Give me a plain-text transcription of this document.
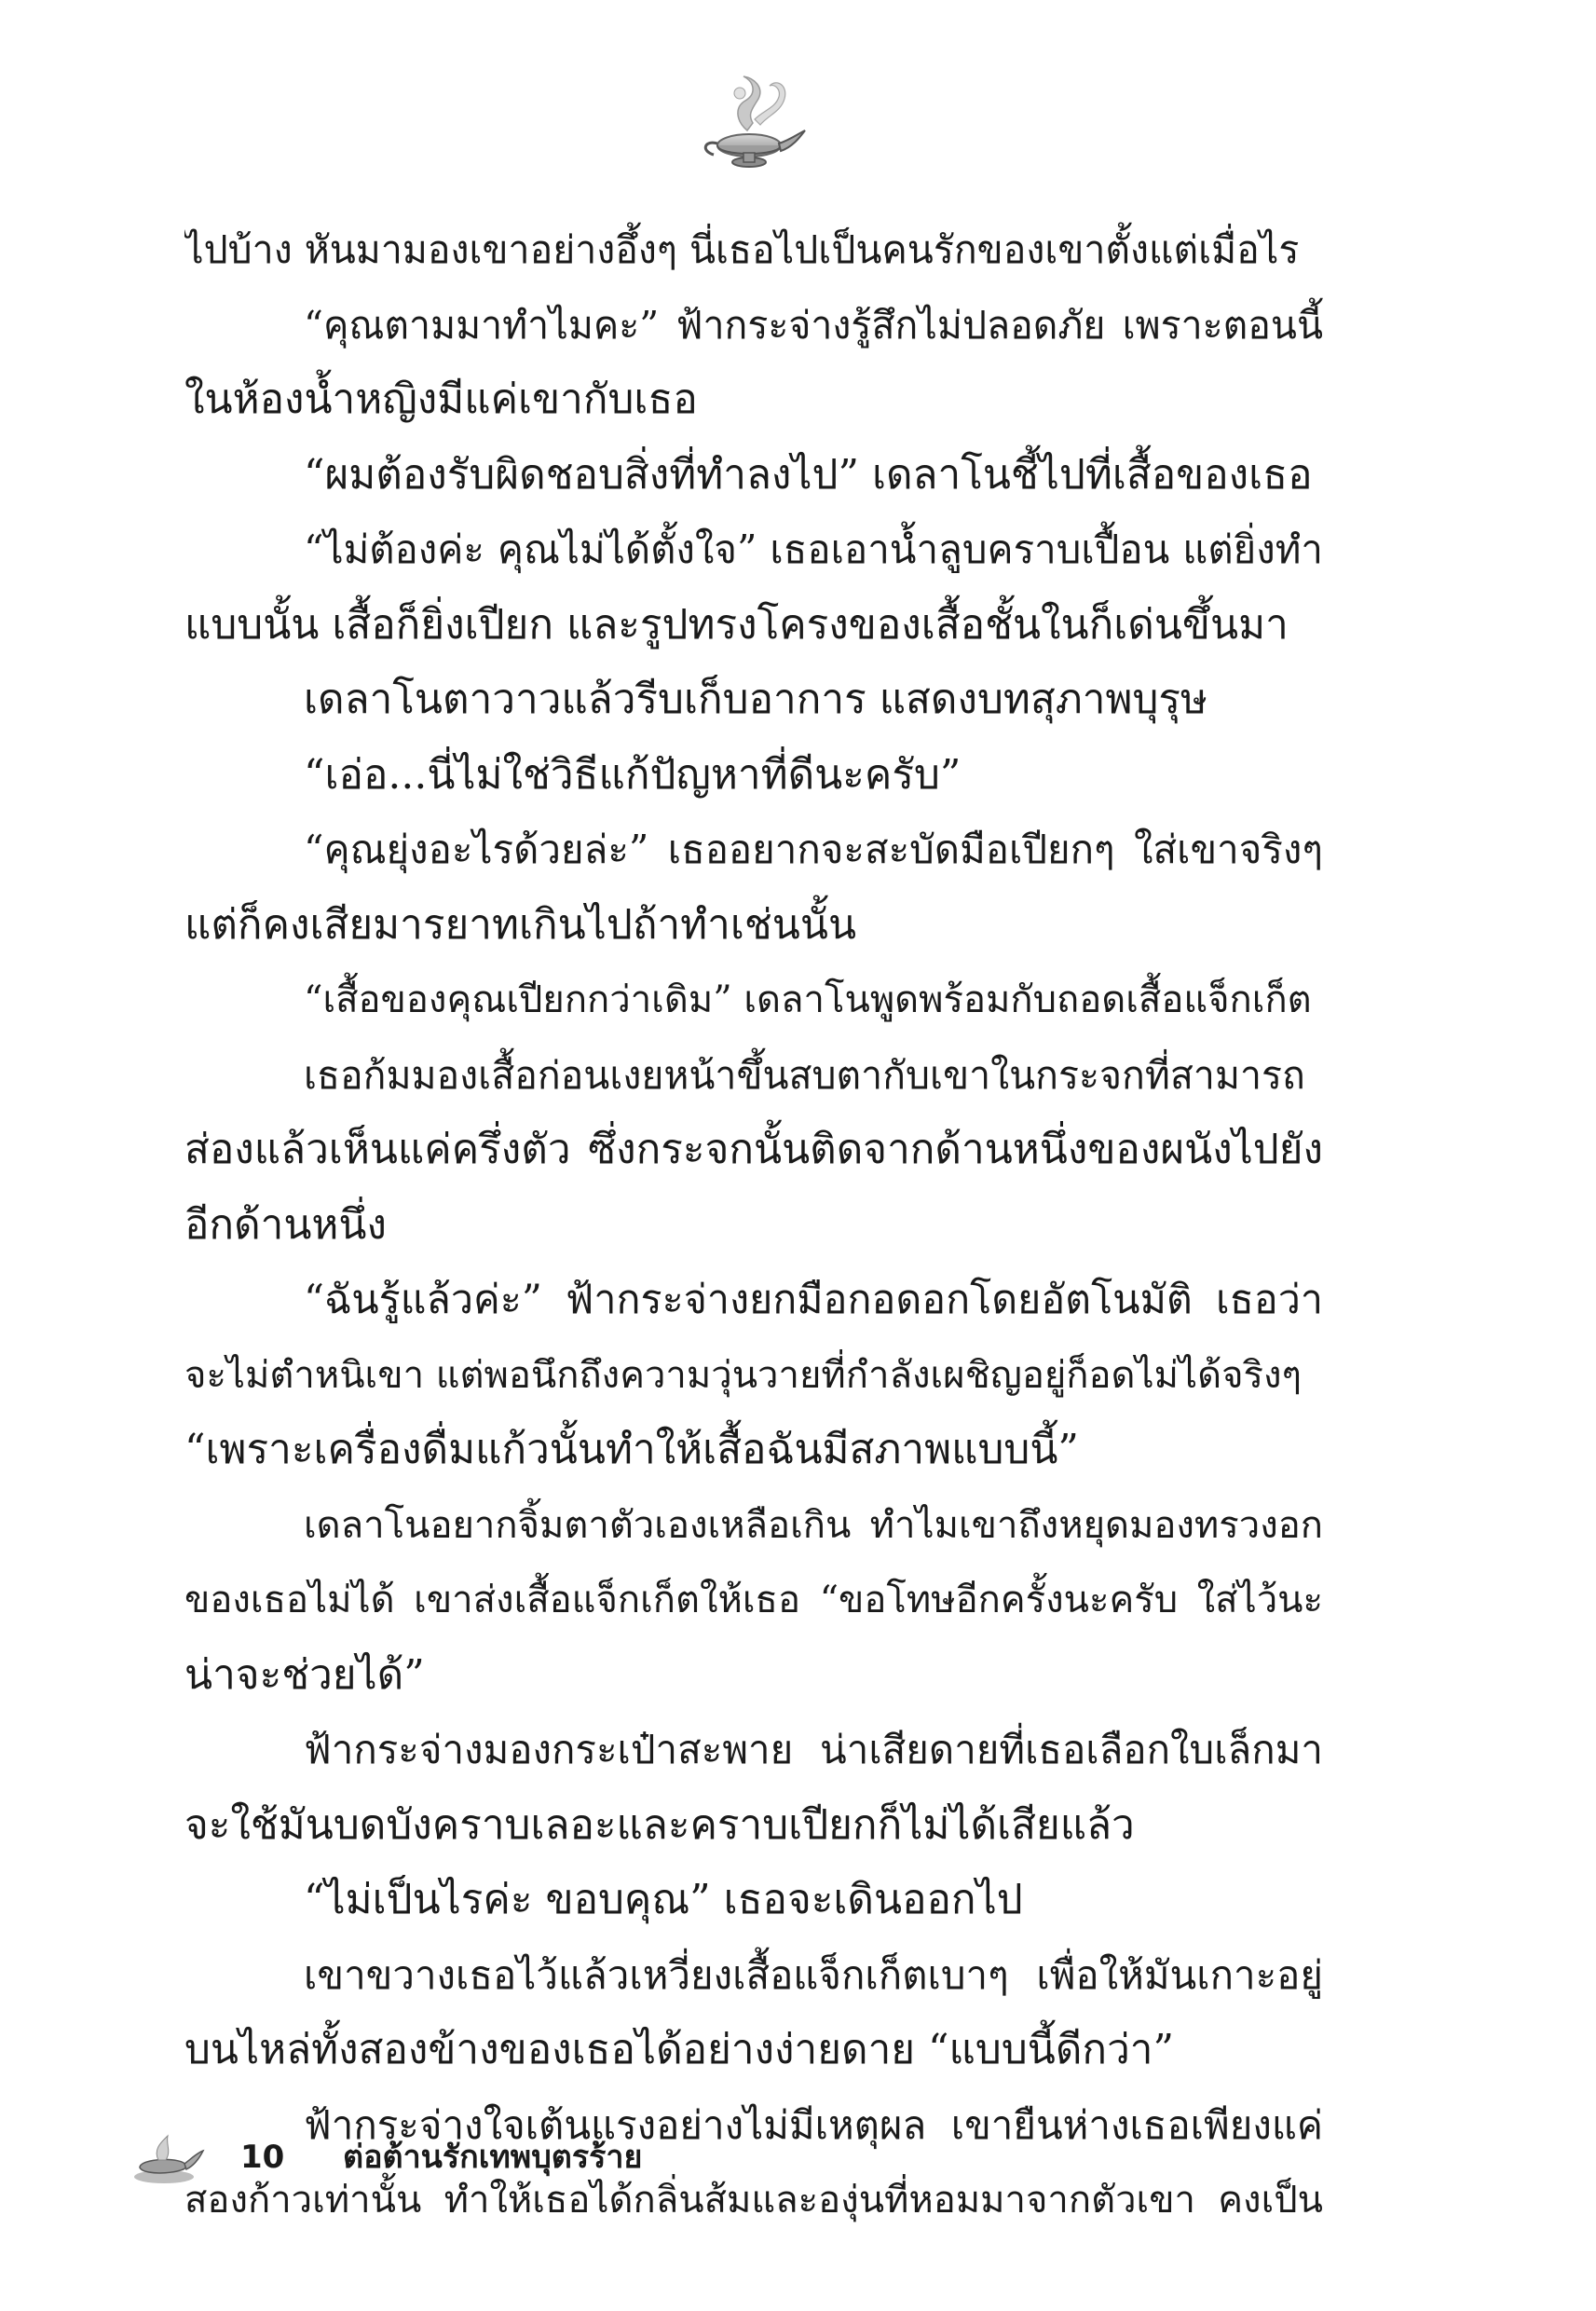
ไปบ้าง หันมามองเขาอย่างอึ้งๆ นี่เธอไปเป็นคนรักของเขาตั้งแต่เมื่อไร
“คุณตามมาทำไมคะ” ฟ้ากระจ่างรู้สึกไม่ปลอดภัย เพราะตอนนี้
ในห้องน้ำหญิงมีแค่เขากับเธอ
“ผมต้องรับผิดชอบสิ่งที่ทำลงไป” เดลาโนชี้ไปที่เสื้อของเธอ
“ไม่ต้องค่ะ คุณไม่ได้ตั้งใจ” เธอเอาน้ำลูบคราบเปื้อน แต่ยิ่งทำ
แบบนั้น เสื้อก็ยิ่งเปียก และรูปทรงโครงของเสื้อชั้นในก็เด่นขึ้นมา
เดลาโนตาวาวแล้วรีบเก็บอาการ แสดงบทสุภาพบุรุษ
“เอ่อ...นี่ไม่ใช่วิธีแก้ปัญหาที่ดีนะครับ”
“คุณยุ่งอะไรด้วยล่ะ” เธออยากจะสะบัดมือเปียกๆ ใส่เขาจริงๆ
แต่ก็คงเสียมารยาทเกินไปถ้าทำเช่นนั้น
“เสื้อของคุณเปียกกว่าเดิม” เดลาโนพูดพร้อมกับถอดเสื้อแจ็กเก็ต
เธอก้มมองเสื้อก่อนเงยหน้าขึ้นสบตากับเขาในกระจกที่สามารถ
ส่องแล้วเห็นแค่ครึ่งตัว ซึ่งกระจกนั้นติดจากด้านหนึ่งของผนังไปยัง
อีกด้านหนึ่ง
“ฉันรู้แล้วค่ะ” ฟ้ากระจ่างยกมือกอดอกโดยอัตโนมัติ เธอว่า
จะไม่ตำหนิเขา แต่พอนึกถึงความวุ่นวายที่กำลังเผชิญอยู่ก็อดไม่ได้จริงๆ
“เพราะเครื่องดื่มแก้วนั้นทำให้เสื้อฉันมีสภาพแบบนี้”
เดลาโนอยากจิ้มตาตัวเองเหลือเกิน ทำไมเขาถึงหยุดมองทรวงอก
ของเธอไม่ได้ เขาส่งเสื้อแจ็กเก็ตให้เธอ “ขอโทษอีกครั้งนะครับ ใส่ไว้นะ
น่าจะช่วยได้”
ฟ้ากระจ่างมองกระเป๋าสะพาย น่าเสียดายที่เธอเลือกใบเล็กมา
จะใช้มันบดบังคราบเลอะและคราบเปียกก็ไม่ได้เสียแล้ว
“ไม่เป็นไรค่ะ ขอบคุณ” เธอจะเดินออกไป
เขาขวางเธอไว้แล้วเหวี่ยงเสื้อแจ็กเก็ตเบาๆ เพื่อให้มันเกาะอยู่
บนไหล่ทั้งสองข้างของเธอได้อย่างง่ายดาย “แบบนี้ดีกว่า”
ฟ้ากระจ่างใจเต้นแรงอย่างไม่มีเหตุผล เขายืนห่างเธอเพียงแค่
สองก้าวเท่านั้น ทำให้เธอได้กลิ่นส้มและองุ่นที่หอมมาจากตัวเขา คงเป็น
10 ต่อต้านรักเทพบุตรร้าย
